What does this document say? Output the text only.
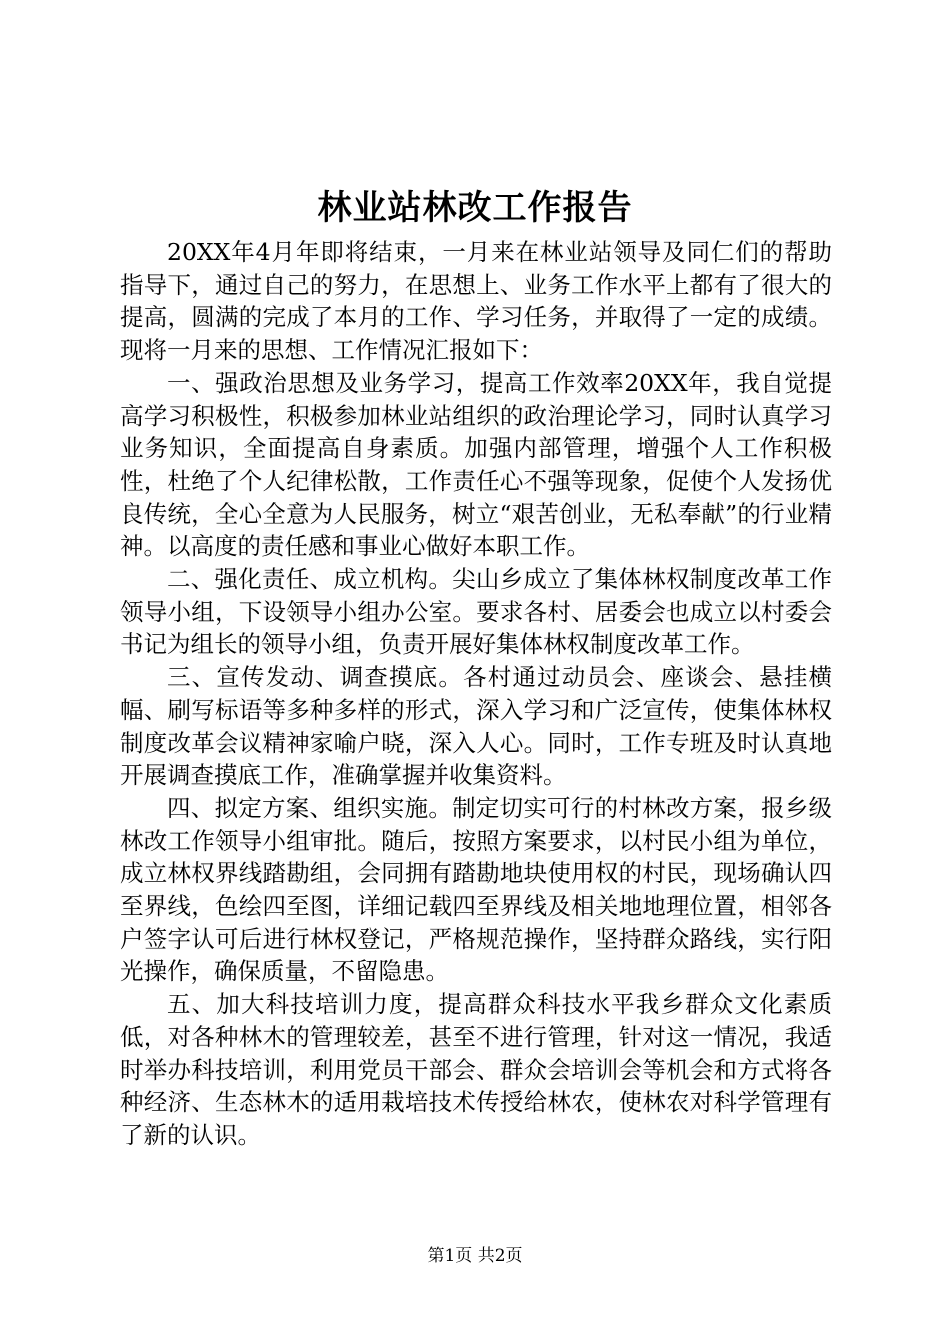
林业站林改工作报告

20XX年4月年即将结束，一月来在林业站领导及同仁们的帮助指导下，通过自己的努力，在思想上、业务工作水平上都有了很大的提高，圆满的完成了本月的工作、学习任务，并取得了一定的成绩。现将一月来的思想、工作情况汇报如下：

一、强政治思想及业务学习，提高工作效率20XX年，我自觉提高学习积极性，积极参加林业站组织的政治理论学习，同时认真学习业务知识，全面提高自身素质。加强内部管理，增强个人工作积极性，杜绝了个人纪律松散，工作责任心不强等现象，促使个人发扬优良传统，全心全意为人民服务，树立“艰苦创业，无私奉献”的行业精神。以高度的责任感和事业心做好本职工作。

二、强化责任、成立机构。尖山乡成立了集体林权制度改革工作领导小组，下设领导小组办公室。要求各村、居委会也成立以村委会书记为组长的领导小组，负责开展好集体林权制度改革工作。

三、宣传发动、调查摸底。各村通过动员会、座谈会、悬挂横幅、刷写标语等多种多样的形式，深入学习和广泛宣传，使集体林权制度改革会议精神家喻户晓，深入人心。同时，工作专班及时认真地开展调查摸底工作，准确掌握并收集资料。

四、拟定方案、组织实施。制定切实可行的村林改方案，报乡级林改工作领导小组审批。随后，按照方案要求，以村民小组为单位，成立林权界线踏勘组，会同拥有踏勘地块使用权的村民，现场确认四至界线，色绘四至图，详细记载四至界线及相关地地理位置，相邻各户签字认可后进行林权登记，严格规范操作，坚持群众路线，实行阳光操作，确保质量，不留隐患。

五、加大科技培训力度，提高群众科技水平我乡群众文化素质低，对各种林木的管理较差，甚至不进行管理，针对这一情况，我适时举办科技培训，利用党员干部会、群众会培训会等机会和方式将各种经济、生态林木的适用栽培技术传授给林农，使林农对科学管理有了新的认识。

第1页 共2页
